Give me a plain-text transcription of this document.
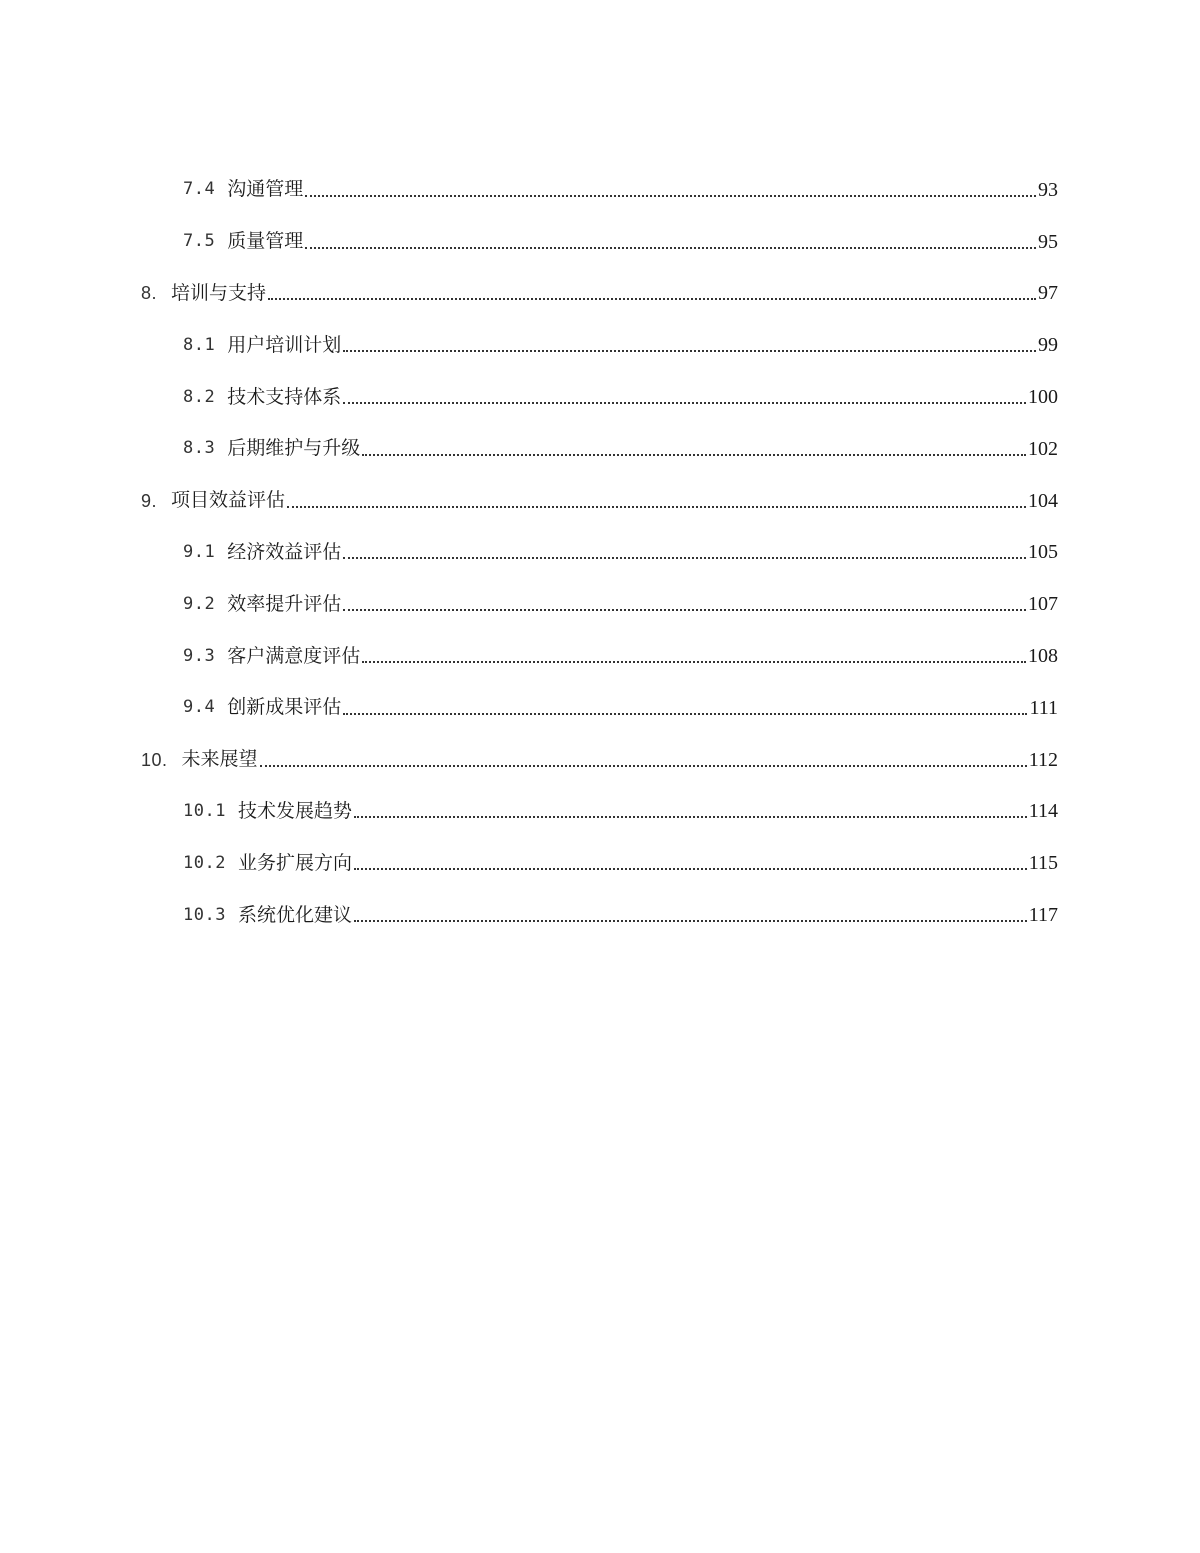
7.4 沟通管理	93
7.5 质量管理	95
8. 培训与支持	97
8.1 用户培训计划	99
8.2 技术支持体系	100
8.3 后期维护与升级	102
9. 项目效益评估	104
9.1 经济效益评估	105
9.2 效率提升评估	107
9.3 客户满意度评估	108
9.4 创新成果评估	111
10. 未来展望	112
10.1 技术发展趋势	114
10.2 业务扩展方向	115
10.3 系统优化建议	117
